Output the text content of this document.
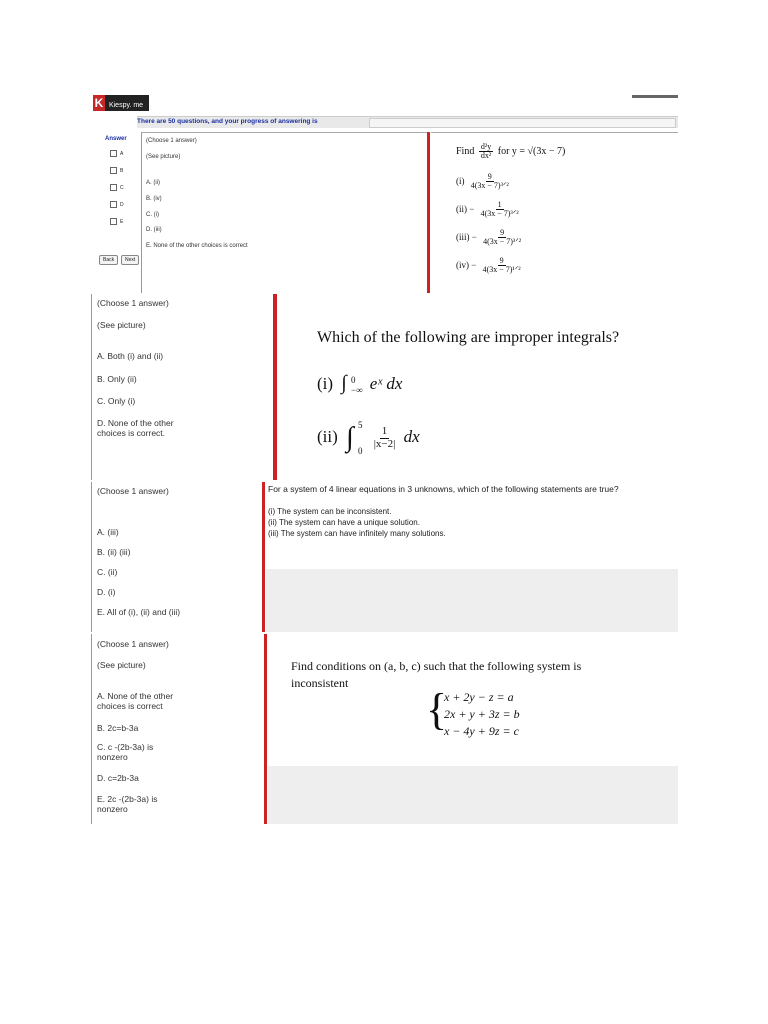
K Kiespy. me
There are 50 questions, and your progress of answering is
Answer
A
B
C
D
E
Back	Next
(Choose 1 answer)
(See picture)
A. (ii)
B. (iv)
C. (i)
D. (iii)
E. None of the other choices is correct
Find $\frac{\text{d²y}}{\text{dx²}}$ for y = √(3x − 7)
$(i) \frac{9}{\text{4(3x − 7)³ᐟ²}}$
$(ii) - \frac{1}{\text{4(3x − 7)³ᐟ²}}$
$(iii) - \frac{9}{\text{4(3x − 7)³ᐟ²}}$
$(iv) - \frac{9}{\text{4(3x − 7)¹ᐟ²}}$
(Choose 1 answer)
(See picture)
A. Both (i) and (ii)
B. Only (ii)
C. Only (i)
D. None of the other choices is correct.
Which of the following are improper integrals?
(i) ∫ 0
−∞ eˣ dx
(ii) ∫ 5
0

$\frac{1}{|x-2|}$ dx
(Choose 1 answer)
A. (iii)
B. (ii) (iii)
C. (ii)
D. (i)
E. All of (i), (ii) and (iii)
For a system of 4 linear equations in 3 unknowns, which of the following statements are true?
(i) The system can be inconsistent.
(ii) The system can have a unique solution.
(iii) The system can have infinitely many solutions.
(Choose 1 answer)
(See picture)
A. None of the other choices is correct
B. 2c=b-3a
C. c -(2b-3a) is nonzero
D. c=2b-3a
E. 2c -(2b-3a) is nonzero
Find conditions on (a, b, c) such that the following system is
inconsistent
{
x + 2y − z = a
2x + y + 3z = b
x − 4y + 9z = c
